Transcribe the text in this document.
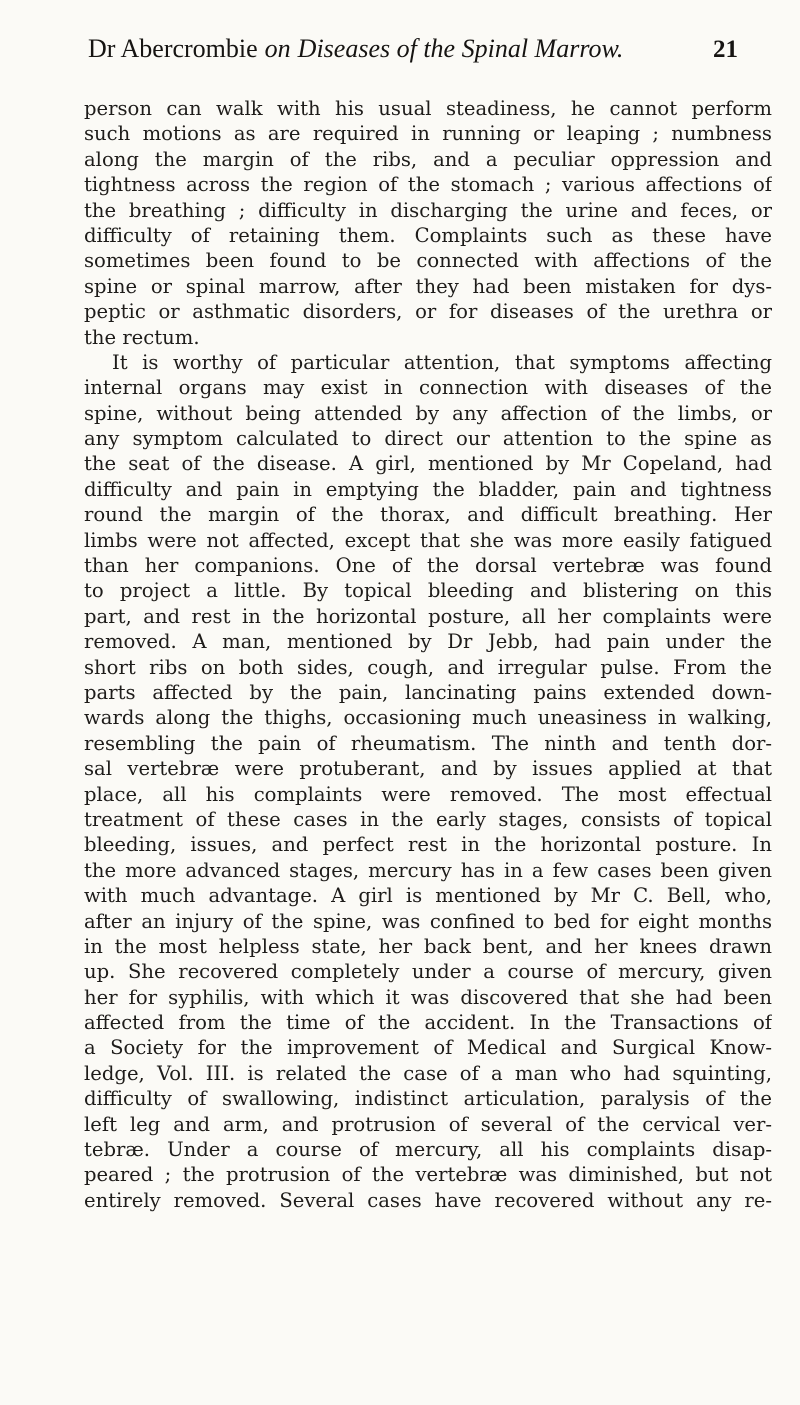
Dr Abercrombie on Diseases of the Spinal Marrow.	21
person can walk with his usual steadiness, he cannot perform
such motions as are required in running or leaping ; numbness
along the margin of the ribs, and a peculiar oppression and
tightness across the region of the stomach ; various affections of
the breathing ; difficulty in discharging the urine and feces, or
difficulty of retaining them. Complaints such as these have
sometimes been found to be connected with affections of the
spine or spinal marrow, after they had been mistaken for dys-
peptic or asthmatic disorders, or for diseases of the urethra or
the rectum.
It is worthy of particular attention, that symptoms affecting
internal organs may exist in connection with diseases of the
spine, without being attended by any affection of the limbs, or
any symptom calculated to direct our attention to the spine as
the seat of the disease. A girl, mentioned by Mr Copeland, had
difficulty and pain in emptying the bladder, pain and tightness
round the margin of the thorax, and difficult breathing. Her
limbs were not affected, except that she was more easily fatigued
than her companions. One of the dorsal vertebræ was found
to project a little. By topical bleeding and blistering on this
part, and rest in the horizontal posture, all her complaints were
removed. A man, mentioned by Dr Jebb, had pain under the
short ribs on both sides, cough, and irregular pulse. From the
parts affected by the pain, lancinating pains extended down-
wards along the thighs, occasioning much uneasiness in walking,
resembling the pain of rheumatism. The ninth and tenth dor-
sal vertebræ were protuberant, and by issues applied at that
place, all his complaints were removed. The most effectual
treatment of these cases in the early stages, consists of topical
bleeding, issues, and perfect rest in the horizontal posture. In
the more advanced stages, mercury has in a few cases been given
with much advantage. A girl is mentioned by Mr C. Bell, who,
after an injury of the spine, was confined to bed for eight months
in the most helpless state, her back bent, and her knees drawn
up. She recovered completely under a course of mercury, given
her for syphilis, with which it was discovered that she had been
affected from the time of the accident. In the Transactions of
a Society for the improvement of Medical and Surgical Know-
ledge, Vol. III. is related the case of a man who had squinting,
difficulty of swallowing, indistinct articulation, paralysis of the
left leg and arm, and protrusion of several of the cervical ver-
tebræ. Under a course of mercury, all his complaints disap-
peared ; the protrusion of the vertebræ was diminished, but not
entirely removed. Several cases have recovered without any re-
